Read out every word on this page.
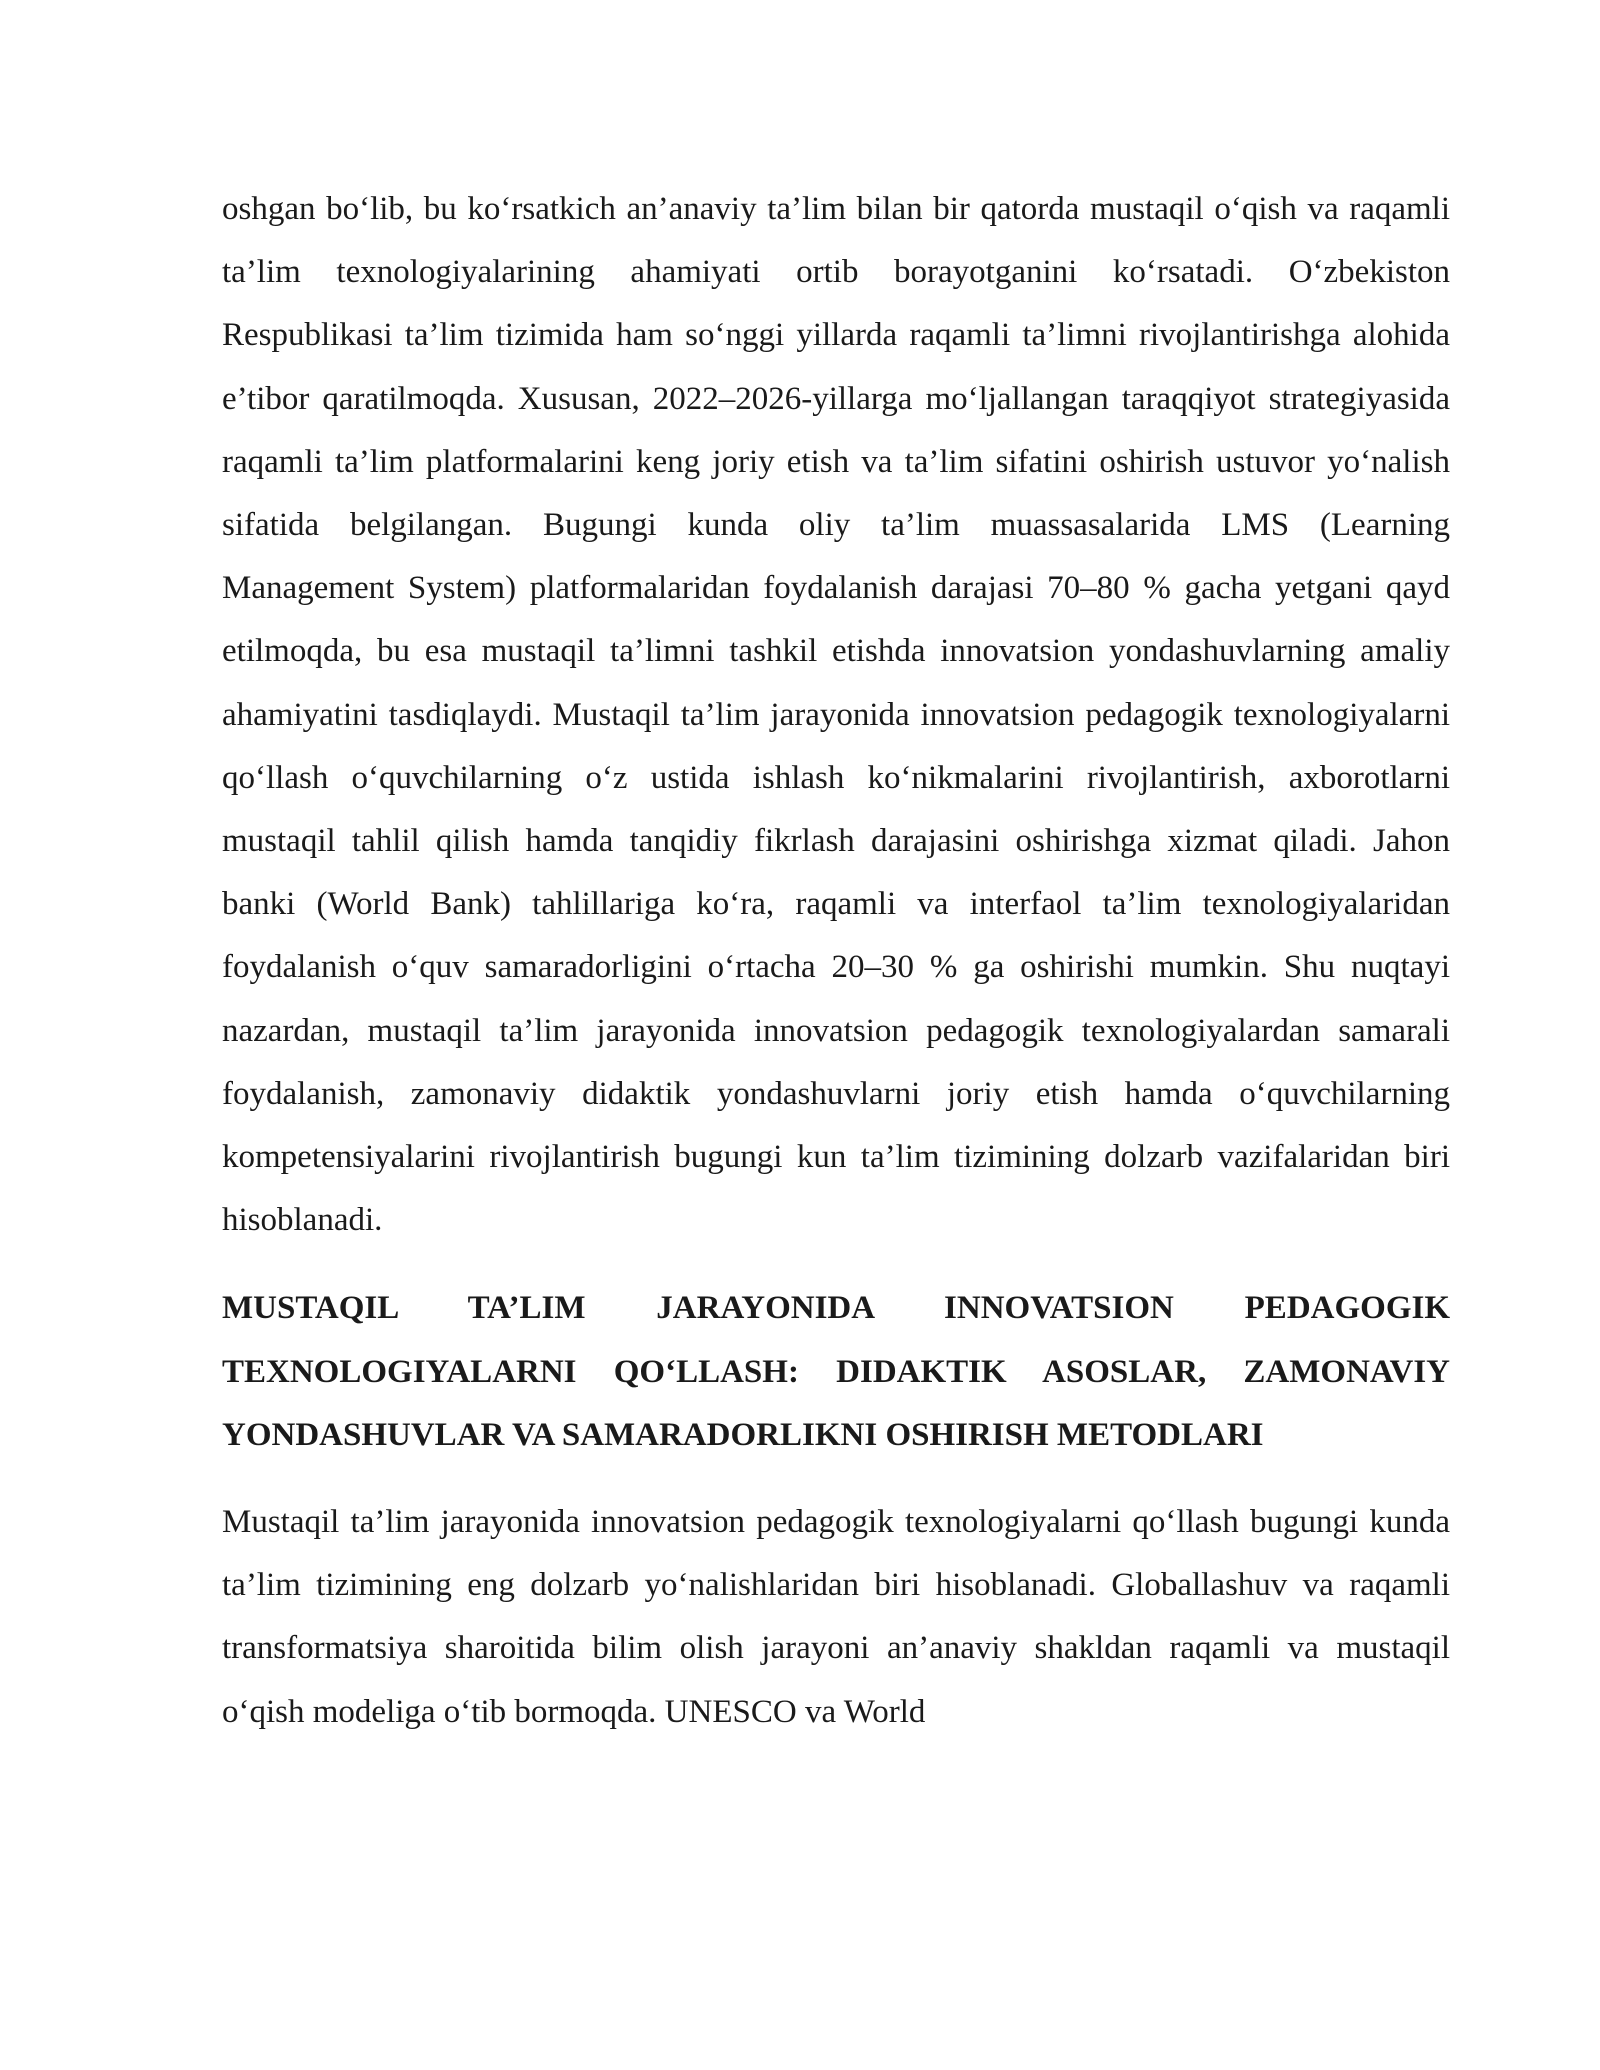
oshgan bo‘lib, bu ko‘rsatkich an’anaviy ta’lim bilan bir qatorda mustaqil o‘qish va raqamli ta’lim texnologiyalarining ahamiyati ortib borayotganini ko‘rsatadi. O‘zbekiston Respublikasi ta’lim tizimida ham so‘nggi yillarda raqamli ta’limni rivojlantirishga alohida e’tibor qaratilmoqda. Xususan, 2022–2026-yillarga mo‘ljallangan taraqqiyot strategiyasida raqamli ta’lim platformalarini keng joriy etish va ta’lim sifatini oshirish ustuvor yo‘nalish sifatida belgilangan. Bugungi kunda oliy ta’lim muassasalarida LMS (Learning Management System) platformalaridan foydalanish darajasi 70–80 % gacha yetgani qayd etilmoqda, bu esa mustaqil ta’limni tashkil etishda innovatsion yondashuvlarning amaliy ahamiyatini tasdiqlaydi. Mustaqil ta’lim jarayonida innovatsion pedagogik texnologiyalarni qo‘llash o‘quvchilarning o‘z ustida ishlash ko‘nikmalarini rivojlantirish, axborotlarni mustaqil tahlil qilish hamda tanqidiy fikrlash darajasini oshirishga xizmat qiladi. Jahon banki (World Bank) tahlillariga ko‘ra, raqamli va interfaol ta’lim texnologiyalaridan foydalanish o‘quv samaradorligini o‘rtacha 20–30 % ga oshirishi mumkin. Shu nuqtayi nazardan, mustaqil ta’lim jarayonida innovatsion pedagogik texnologiyalardan samarali foydalanish, zamonaviy didaktik yondashuvlarni joriy etish hamda o‘quvchilarning kompetensiyalarini rivojlantirish bugungi kun ta’lim tizimining dolzarb vazifalaridan biri hisoblanadi.

MUSTAQIL TA’LIM JARAYONIDA INNOVATSION PEDAGOGIK TEXNOLOGIYALARNI QO‘LLASH: DIDAKTIK ASOSLAR, ZAMONAVIY YONDASHUVLAR VA SAMARADORLIKNI OSHIRISH METODLARI

Mustaqil ta’lim jarayonida innovatsion pedagogik texnologiyalarni qo‘llash bugungi kunda ta’lim tizimining eng dolzarb yo‘nalishlaridan biri hisoblanadi. Globallashuv va raqamli transformatsiya sharoitida bilim olish jarayoni an’anaviy shakldan raqamli va mustaqil o‘qish modeliga o‘tib bormoqda. UNESCO va World
